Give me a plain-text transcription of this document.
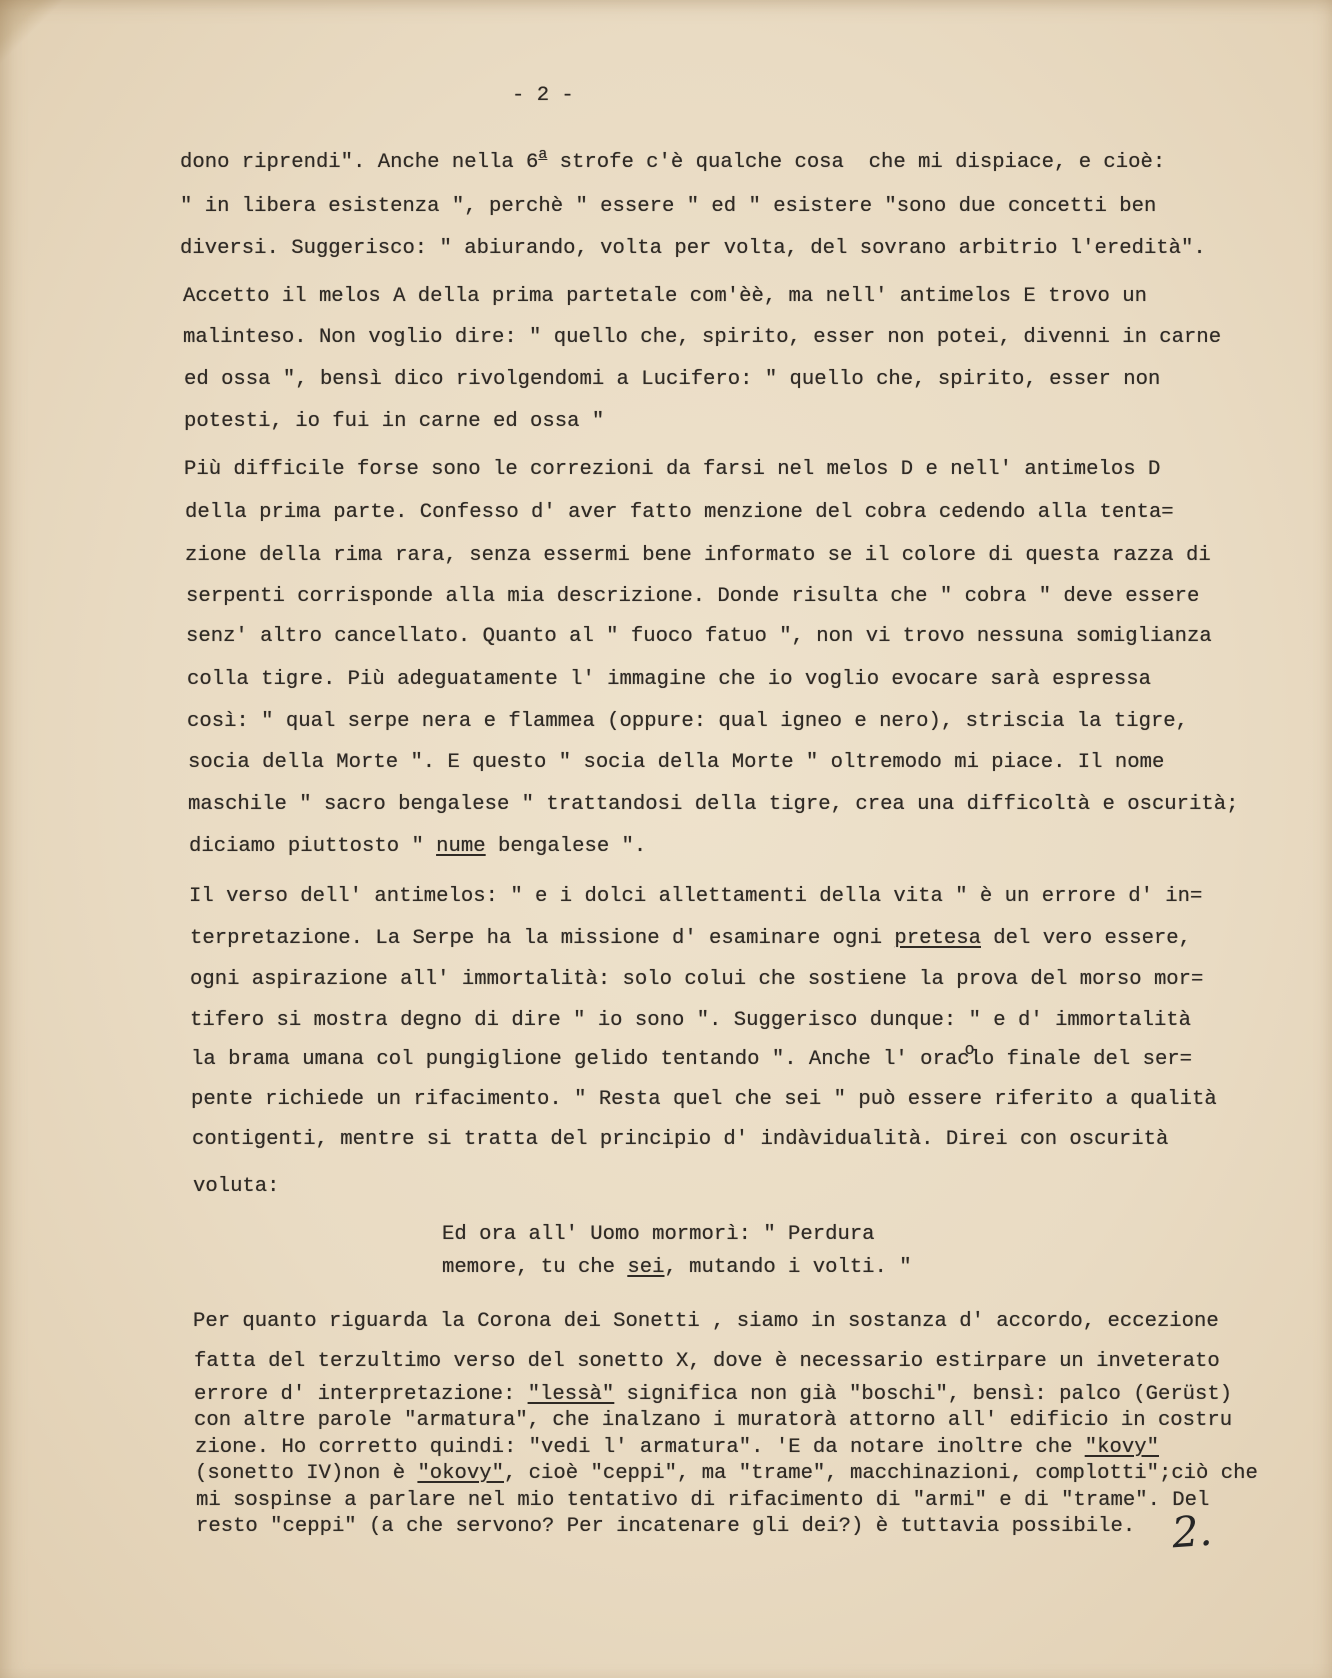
- 2 -
dono riprendi". Anche nella 6$^a$ strofe c'è qualche cosa  che mi dispiace, e cioè:
" in libera esistenza ", perchè " essere " ed " esistere "sono due concetti ben
diversi. Suggerisco: " abiurando, volta per volta, del sovrano arbitrio l'eredità".
Accetto il melos A della prima partetale com'èè, ma nell' antimelos E trovo un
malinteso. Non voglio dire: " quello che, spirito, esser non potei, divenni in carne
ed ossa ", bensì dico rivolgendomi a Lucifero: " quello che, spirito, esser non
potesti, io fui in carne ed ossa "
Più difficile forse sono le correzioni da farsi nel melos D e nell' antimelos D
della prima parte. Confesso d' aver fatto menzione del cobra cedendo alla tenta=
zione della rima rara, senza essermi bene informato se il colore di questa razza di
serpenti corrisponde alla mia descrizione. Donde risulta che " cobra " deve essere
senz' altro cancellato. Quanto al " fuoco fatuo ", non vi trovo nessuna somiglianza
colla tigre. Più adeguatamente l' immagine che io voglio evocare sarà espressa
così: " qual serpe nera e flammea (oppure: qual igneo e nero), striscia la tigre,
socia della Morte ". E questo " socia della Morte " oltremodo mi piace. Il nome
maschile " sacro bengalese " trattandosi della tigre, crea una difficoltà e oscurità;
diciamo piuttosto " nume bengalese ".
Il verso dell' antimelos: " e i dolci allettamenti della vita " è un errore d' in=
terpretazione. La Serpe ha la missione d' esaminare ogni pretesa del vero essere,
ogni aspirazione all' immortalità: solo colui che sostiene la prova del morso mor=
tifero si mostra degno di dire " io sono ". Suggerisco dunque: " e d' immortalità
la brama umana col pungiglione gelido tentando ". Anche l' oracolo finale del ser=
pente richiede un rifacimento. " Resta quel che sei " può essere riferito a qualità
contigenti, mentre si tratta del principio d' indàvidualità. Direi con oscurità
voluta:
Ed ora all' Uomo mormorì: " Perdura
memore, tu che sei, mutando i volti. "
Per quanto riguarda la Corona dei Sonetti , siamo in sostanza d' accordo, eccezione
fatta del terzultimo verso del sonetto X, dove è necessario estirpare un inveterato
errore d' interpretazione: "lessà" significa non già "boschi", bensì: palco (Gerüst)
con altre parole "armatura", che inalzano i muratorà attorno all' edificio in costru
zione. Ho corretto quindi: "vedi l' armatura". 'E da notare inoltre che "kovy"
(sonetto IV)non è "okovy", cioè "ceppi", ma "trame", macchinazioni, complotti";ciò che
mi sospinse a parlare nel mio tentativo di rifacimento di "armi" e di "trame". Del
resto "ceppi" (a che servono? Per incatenare gli dei?) è tuttavia possibile. 2.
